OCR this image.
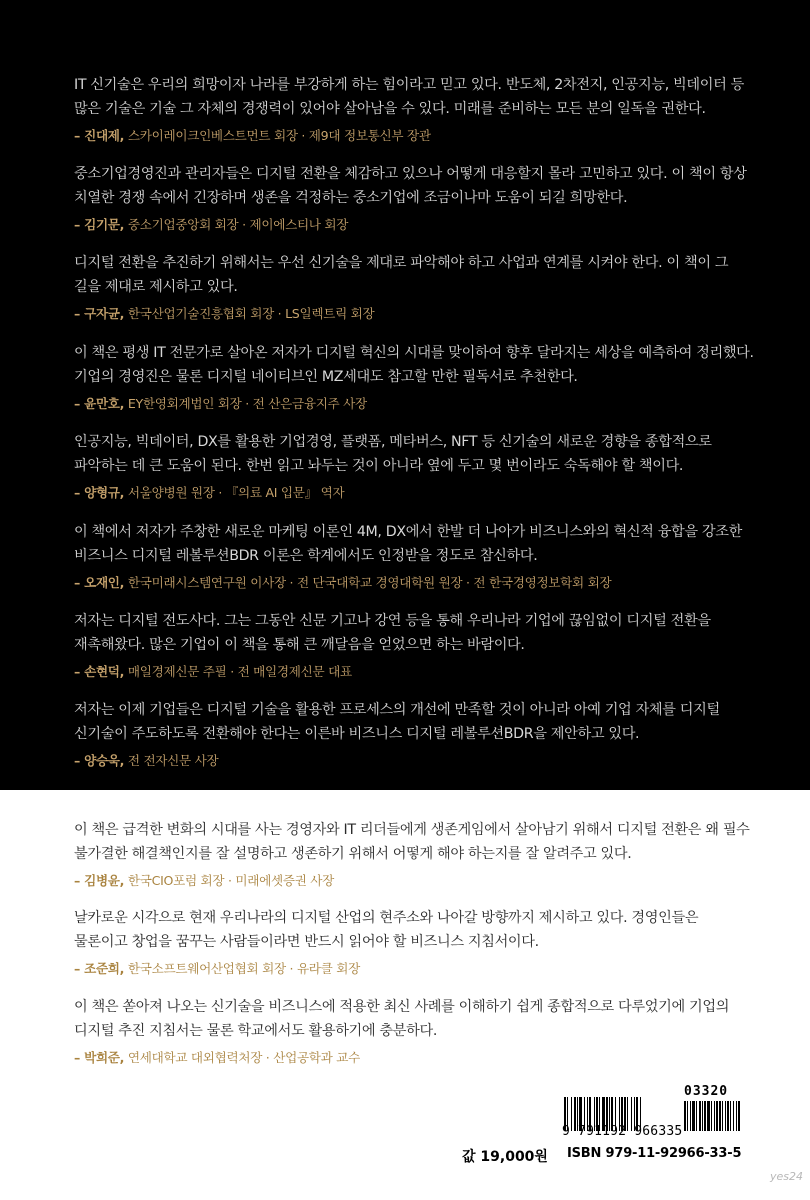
IT 신기술은 우리의 희망이자 나라를 부강하게 하는 힘이라고 믿고 있다. 반도체, 2차전지, 인공지능, 빅데이터 등 많은 기술은 기술 그 자체의 경쟁력이 있어야 살아남을 수 있다. 미래를 준비하는 모든 분의 일독을 권한다.

– 진대제, 스카이레이크인베스트먼트 회장 · 제9대 정보통신부 장관

중소기업경영진과 관리자들은 디지털 전환을 체감하고 있으나 어떻게 대응할지 몰라 고민하고 있다. 이 책이 항상 치열한 경쟁 속에서 긴장하며 생존을 걱정하는 중소기업에 조금이나마 도움이 되길 희망한다.

– 김기문, 중소기업중앙회 회장 · 제이에스티나 회장

디지털 전환을 추진하기 위해서는 우선 신기술을 제대로 파악해야 하고 사업과 연계를 시켜야 한다. 이 책이 그 길을 제대로 제시하고 있다.

– 구자균, 한국산업기술진흥협회 회장 · LS일렉트릭 회장

이 책은 평생 IT 전문가로 살아온 저자가 디지털 혁신의 시대를 맞이하여 향후 달라지는 세상을 예측하여 정리했다. 기업의 경영진은 물론 디지털 네이티브인 MZ세대도 참고할 만한 필독서로 추천한다.

– 윤만호, EY한영회계법인 회장 · 전 산은금융지주 사장

인공지능, 빅데이터, DX를 활용한 기업경영, 플랫폼, 메타버스, NFT 등 신기술의 새로운 경향을 종합적으로 파악하는 데 큰 도움이 된다. 한번 읽고 놔두는 것이 아니라 옆에 두고 몇 번이라도 숙독해야 할 책이다.

– 양형규, 서울양병원 원장 · 『의료 AI 입문』 역자

이 책에서 저자가 주창한 새로운 마케팅 이론인 4M, DX에서 한발 더 나아가 비즈니스와의 혁신적 융합을 강조한 비즈니스 디지털 레볼루션BDR 이론은 학계에서도 인정받을 정도로 참신하다.

– 오재인, 한국미래시스템연구원 이사장 · 전 단국대학교 경영대학원 원장 · 전 한국경영정보학회 회장

저자는 디지털 전도사다. 그는 그동안 신문 기고나 강연 등을 통해 우리나라 기업에 끊임없이 디지털 전환을 재촉해왔다. 많은 기업이 이 책을 통해 큰 깨달음을 얻었으면 하는 바람이다.

– 손현덕, 매일경제신문 주필 · 전 매일경제신문 대표

저자는 이제 기업들은 디지털 기술을 활용한 프로세스의 개선에 만족할 것이 아니라 아예 기업 자체를 디지털 신기술이 주도하도록 전환해야 한다는 이른바 비즈니스 디지털 레볼루션BDR을 제안하고 있다.

– 양승욱, 전 전자신문 사장

이 책은 급격한 변화의 시대를 사는 경영자와 IT 리더들에게 생존게임에서 살아남기 위해서 디지털 전환은 왜 필수 불가결한 해결책인지를 잘 설명하고 생존하기 위해서 어떻게 해야 하는지를 잘 알려주고 있다.

– 김병윤, 한국CIO포럼 회장 · 미래에셋증권 사장

날카로운 시각으로 현재 우리나라의 디지털 산업의 현주소와 나아갈 방향까지 제시하고 있다. 경영인들은 물론이고 창업을 꿈꾸는 사람들이라면 반드시 읽어야 할 비즈니스 지침서이다.

– 조준희, 한국소프트웨어산업협회 회장 · 유라클 회장

이 책은 쏟아져 나오는 신기술을 비즈니스에 적용한 최신 사례를 이해하기 쉽게 종합적으로 다루었기에 기업의 디지털 추진 지침서는 물론 학교에서도 활용하기에 충분하다.

– 박희준, 연세대학교 대외협력처장 · 산업공학과 교수
03320
9 791192 966335
값 19,000원 ISBN 979-11-92966-33-5
yes24
